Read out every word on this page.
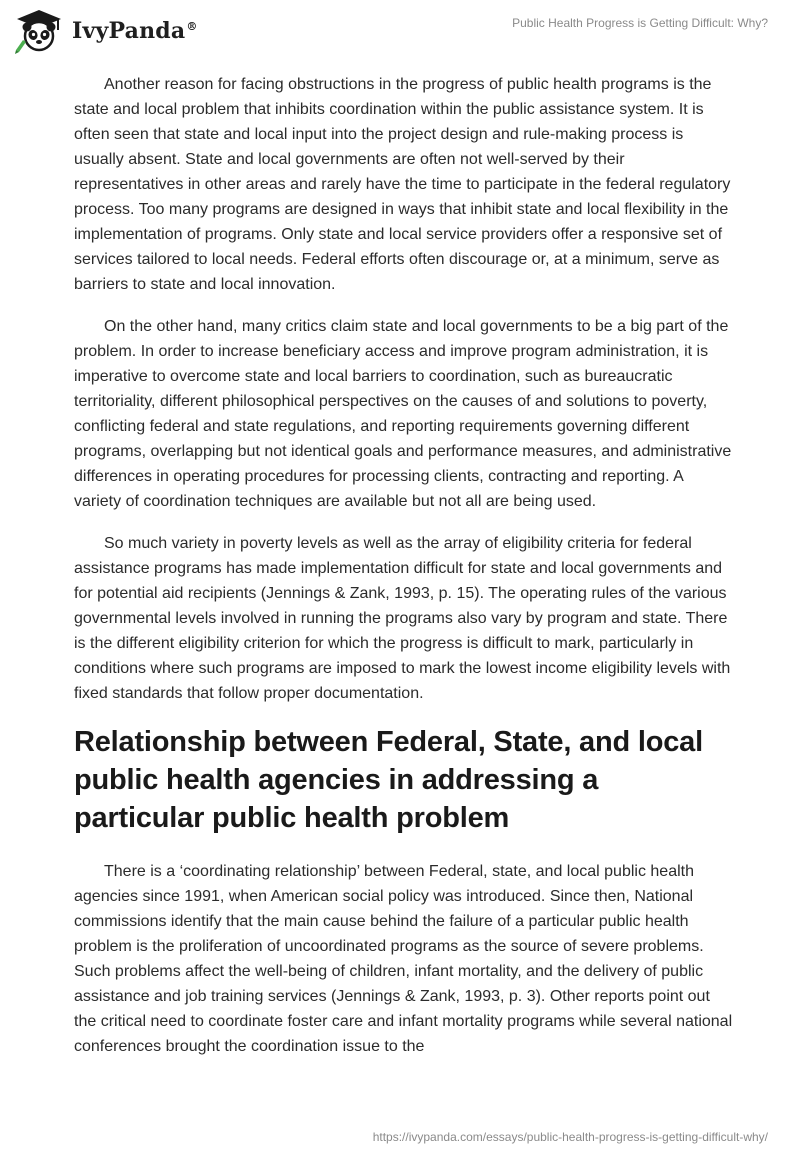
IvyPanda®	Public Health Progress is Getting Difficult: Why?

Another reason for facing obstructions in the progress of public health programs is the state and local problem that inhibits coordination within the public assistance system. It is often seen that state and local input into the project design and rule-making process is usually absent. State and local governments are often not well-served by their representatives in other areas and rarely have the time to participate in the federal regulatory process. Too many programs are designed in ways that inhibit state and local flexibility in the implementation of programs. Only state and local service providers offer a responsive set of services tailored to local needs. Federal efforts often discourage or, at a minimum, serve as barriers to state and local innovation.

On the other hand, many critics claim state and local governments to be a big part of the problem. In order to increase beneficiary access and improve program administration, it is imperative to overcome state and local barriers to coordination, such as bureaucratic territoriality, different philosophical perspectives on the causes of and solutions to poverty, conflicting federal and state regulations, and reporting requirements governing different programs, overlapping but not identical goals and performance measures, and administrative differences in operating procedures for processing clients, contracting and reporting. A variety of coordination techniques are available but not all are being used.

So much variety in poverty levels as well as the array of eligibility criteria for federal assistance programs has made implementation difficult for state and local governments and for potential aid recipients (Jennings & Zank, 1993, p. 15). The operating rules of the various governmental levels involved in running the programs also vary by program and state. There is the different eligibility criterion for which the progress is difficult to mark, particularly in conditions where such programs are imposed to mark the lowest income eligibility levels with fixed standards that follow proper documentation.

Relationship between Federal, State, and local public health agencies in addressing a particular public health problem

There is a ‘coordinating relationship’ between Federal, state, and local public health agencies since 1991, when American social policy was introduced. Since then, National commissions identify that the main cause behind the failure of a particular public health problem is the proliferation of uncoordinated programs as the source of severe problems. Such problems affect the well-being of children, infant mortality, and the delivery of public assistance and job training services (Jennings & Zank, 1993, p. 3). Other reports point out the critical need to coordinate foster care and infant mortality programs while several national conferences brought the coordination issue to the

https://ivypanda.com/essays/public-health-progress-is-getting-difficult-why/
